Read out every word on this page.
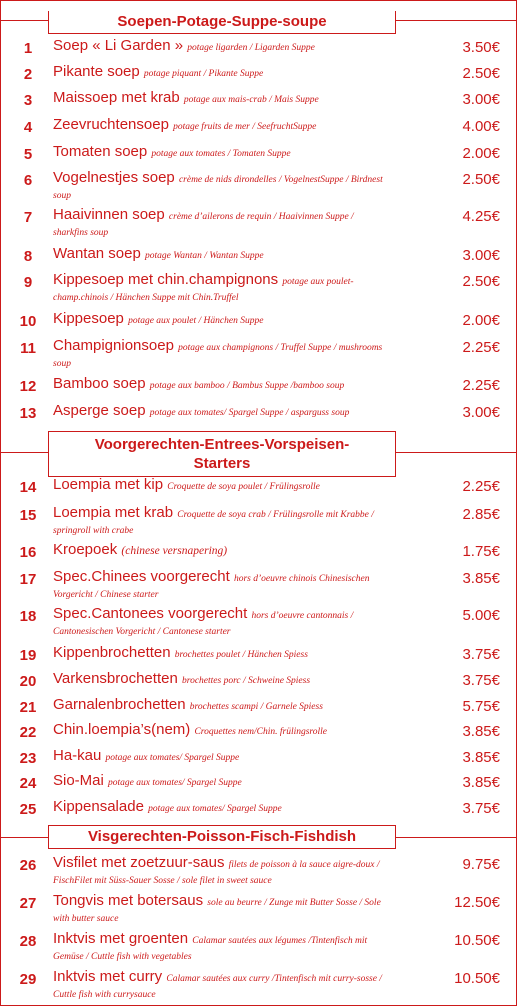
Soepen-Potage-Suppe-soupe
Voorgerechten-Entrees-Vorspeisen-
Starters
Visgerechten-Poisson-Fisch-Fishdish
1	Soep « Li Garden » potage ligarden / Ligarden Suppe	3.50€
2	Pikante soep potage piquant / Pikante Suppe	2.50€
3	Maissoep met krab potage aux mais-crab / Mais Suppe	3.00€
4	Zeevruchtensoep potage fruits de mer / SeefruchtSuppe	4.00€
5	Tomaten soep potage aux tomates / Tomaten Suppe	2.00€
6	Vogelnestjes soep crème de nids dirondelles / VogelnestSuppe / Birdnest soup
2.50€
7	Haaivinnen soep crème d’ailerons de requin / Haaivinnen Suppe / sharkfins soup
4.25€
8	Wantan soep potage Wantan / Wantan Suppe	3.00€
9	Kippesoep met chin.champignons potage aux poulet-champ.chinois / Hänchen Suppe mit Chin.Truffel
2.50€
10	Kippesoep potage aux poulet / Hänchen Suppe	2.00€
11	Champignionsoep potage aux champignons / Truffel Suppe / mushrooms soup
2.25€
12	Bamboo soep potage aux bamboo / Bambus Suppe /bamboo soup	2.25€
13	Asperge soep potage aux tomates/ Spargel Suppe / asparguss soup	3.00€
14	Loempia met kip Croquette de soya poulet / Frülingsrolle	2.25€
15	Loempia met krab Croquette de soya crab / Frülingsrolle mit Krabbe / springroll with crabe
2.85€
16	Kroepoek (chinese versnapering)	1.75€
17	Spec.Chinees voorgerecht hors d’oeuvre chinois Chinesischen Vorgericht / Chinese starter
3.85€
18	Spec.Cantonees voorgerecht hors d’oeuvre cantonnais / Cantonesischen Vorgericht / Cantonese starter
5.00€
19	Kippenbrochetten brochettes poulet / Hänchen Spiess	3.75€
20	Varkensbrochetten brochettes porc / Schweine Spiess	3.75€
21	Garnalenbrochetten brochettes scampi / Garnele Spiess	5.75€
22	Chin.loempia’s(nem) Croquettes nem/Chin. frülingsrolle	3.85€
23	Ha-kau potage aux tomates/ Spargel Suppe	3.85€
24	Sio-Mai potage aux tomates/ Spargel Suppe	3.85€
25	Kippensalade potage aux tomates/ Spargel Suppe	3.75€
26	Visfilet met zoetzuur-saus filets de poisson à la sauce aigre-doux / FischFilet mit Süss-Sauer Sosse / sole filet in sweet sauce
9.75€
27	Tongvis met botersaus sole au beurre / Zunge mit Butter Sosse / Sole with butter sauce
12.50€
28	Inktvis met groenten Calamar sautées aux légumes /Tintenfisch mit Gemüse / Cuttle fish with vegetables
10.50€
29	Inktvis met curry Calamar sautées aux curry /Tintenfisch mit curry-sosse / Cuttle fish with currysauce
10.50€
